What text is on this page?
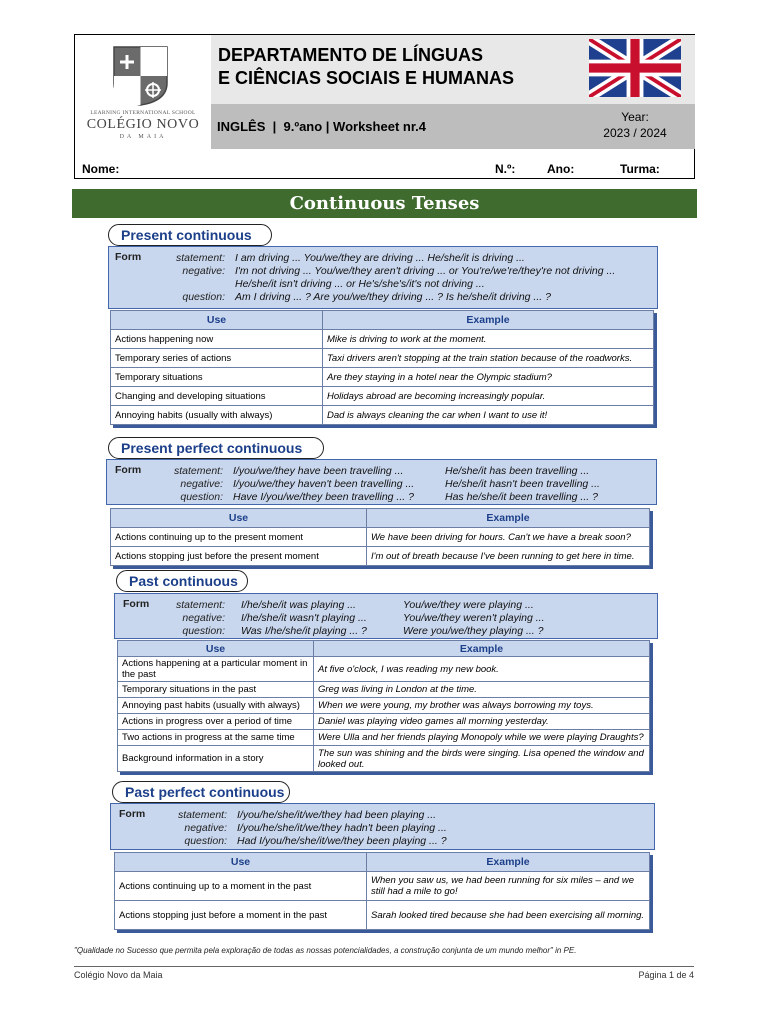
LEARNING INTERNATIONAL SCHOOL
COLÉGIO NOVO
DA MAIA
DEPARTAMENTO DE LÍNGUAS
E CIÊNCIAS SOCIAIS E HUMANAS
INGLÊS  |  9.ºano | Worksheet nr.4
Year:
2023 / 2024
Nome:	N.º:	Ano:	Turma:
Continuous Tenses
Present continuous
Form	statement: I am driving ... You/we/they are driving ... He/she/it is driving ...
negative: I'm not driving ... You/we/they aren't driving ... or You're/we're/they're not driving ...
He/she/it isn't driving ... or He's/she's/it's not driving ...
question: Am I driving ... ? Are you/we/they driving ... ? Is he/she/it driving ... ?
Use	Example
Actions happening now	Mike is driving to work at the moment.
Temporary series of actions	Taxi drivers aren't stopping at the train station because of the roadworks.
Temporary situations	Are they staying in a hotel near the Olympic stadium?
Changing and developing situations	Holidays abroad are becoming increasingly popular.
Annoying habits (usually with always)	Dad is always cleaning the car when I want to use it!
Present perfect continuous
Form	statement: I/you/we/they have been travelling ...	He/she/it has been travelling ...
negative: I/you/we/they haven't been travelling ...	He/she/it hasn't been travelling ...
question: Have I/you/we/they been travelling ... ?	Has he/she/it been travelling ... ?
Use	Example
Actions continuing up to the present moment	We have been driving for hours. Can't we have a break soon?
Actions stopping just before the present moment	I'm out of breath because I've been running to get here in time.
Past continuous
Form	statement: I/he/she/it was playing ...	You/we/they were playing ...
negative: I/he/she/it wasn't playing ...	You/we/they weren't playing ...
question: Was I/he/she/it playing ... ?	Were you/we/they playing ... ?
Use	Example
Actions happening at a particular moment in the past	At five o'clock, I was reading my new book.
Temporary situations in the past	Greg was living in London at the time.
Annoying past habits (usually with always)	When we were young, my brother was always borrowing my toys.
Actions in progress over a period of time	Daniel was playing video games all morning yesterday.
Two actions in progress at the same time	Were Ulla and her friends playing Monopoly while we were playing Draughts?
Background information in a story	The sun was shining and the birds were singing. Lisa opened the window and looked out.
Past perfect continuous
Form	statement: I/you/he/she/it/we/they had been playing ...
negative: I/you/he/she/it/we/they hadn't been playing ...
question: Had I/you/he/she/it/we/they been playing ... ?
Use	Example
Actions continuing up to a moment in the past	When you saw us, we had been running for six miles – and we still had a mile to go!
Actions stopping just before a moment in the past	Sarah looked tired because she had been exercising all morning.
"Qualidade no Sucesso que permita pela exploração de todas as nossas potencialidades, a construção conjunta de um mundo melhor" in PE.
Colégio Novo da Maia	Página 1 de 4
